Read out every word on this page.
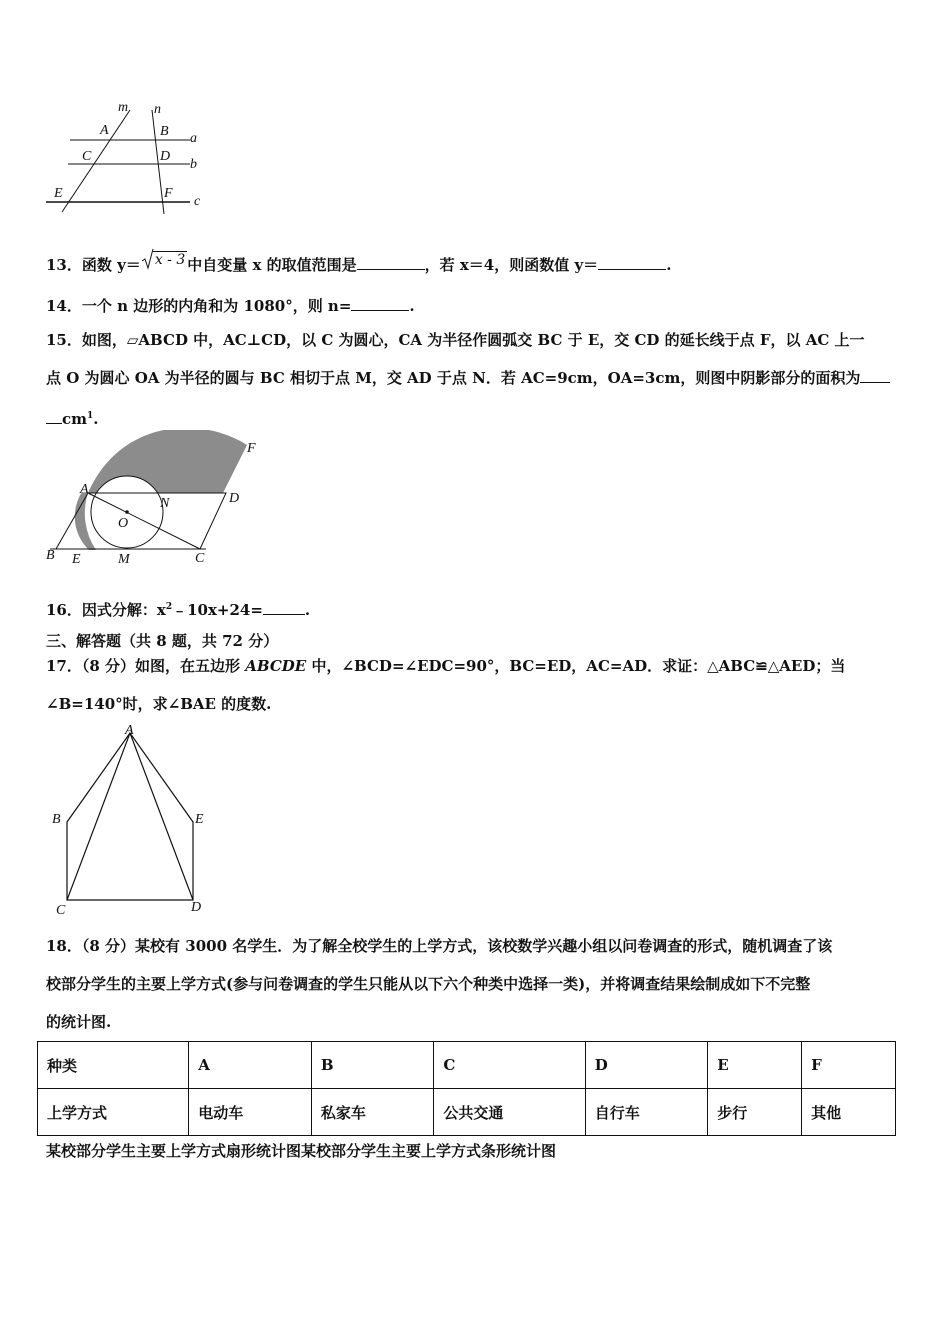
m n
A	B a
C	D
b
E	F
c
13．函数 y＝ x - 3 中自变量 x 的取值范围是	，若 x＝4，则函数值 y＝	.
14．一个 n 边形的内角和为 1080°，则 n=	.
15．如图，▱ABCD 中，AC⊥CD，以 C 为圆心，CA 为半径作圆弧交 BC 于 E，交 CD 的延长线于点 F，以 AC 上一
点 O 为圆心 OA 为半径的圆与 BC 相切于点 M，交 AD 于点 N．若 AC=9cm，OA=3cm，则图中阴影部分的面积为
$cm^1$.
A
D
F
N
O
B E	M	C
16．因式分解：$x^2﹣10x+24=$	.
三、解答题（共 8 题，共 72 分）
17．（8 分）如图，在五边形 ABCDE 中，∠BCD=∠EDC=90°，BC=ED，AC=AD．求证：△ABC≌△AED；当
∠B=140°时，求∠BAE 的度数.
A
B	E
C	D
18．（8 分）某校有 3000 名学生．为了解全校学生的上学方式，该校数学兴趣小组以问卷调查的形式，随机调查了该
校部分学生的主要上学方式(参与问卷调查的学生只能从以下六个种类中选择一类)，并将调查结果绘制成如下不完整
的统计图.
种类	A	B	C	D	E	F
上学方式	电动车	私家车	公共交通	自行车	步行	其他
某校部分学生主要上学方式扇形统计图某校部分学生主要上学方式条形统计图
